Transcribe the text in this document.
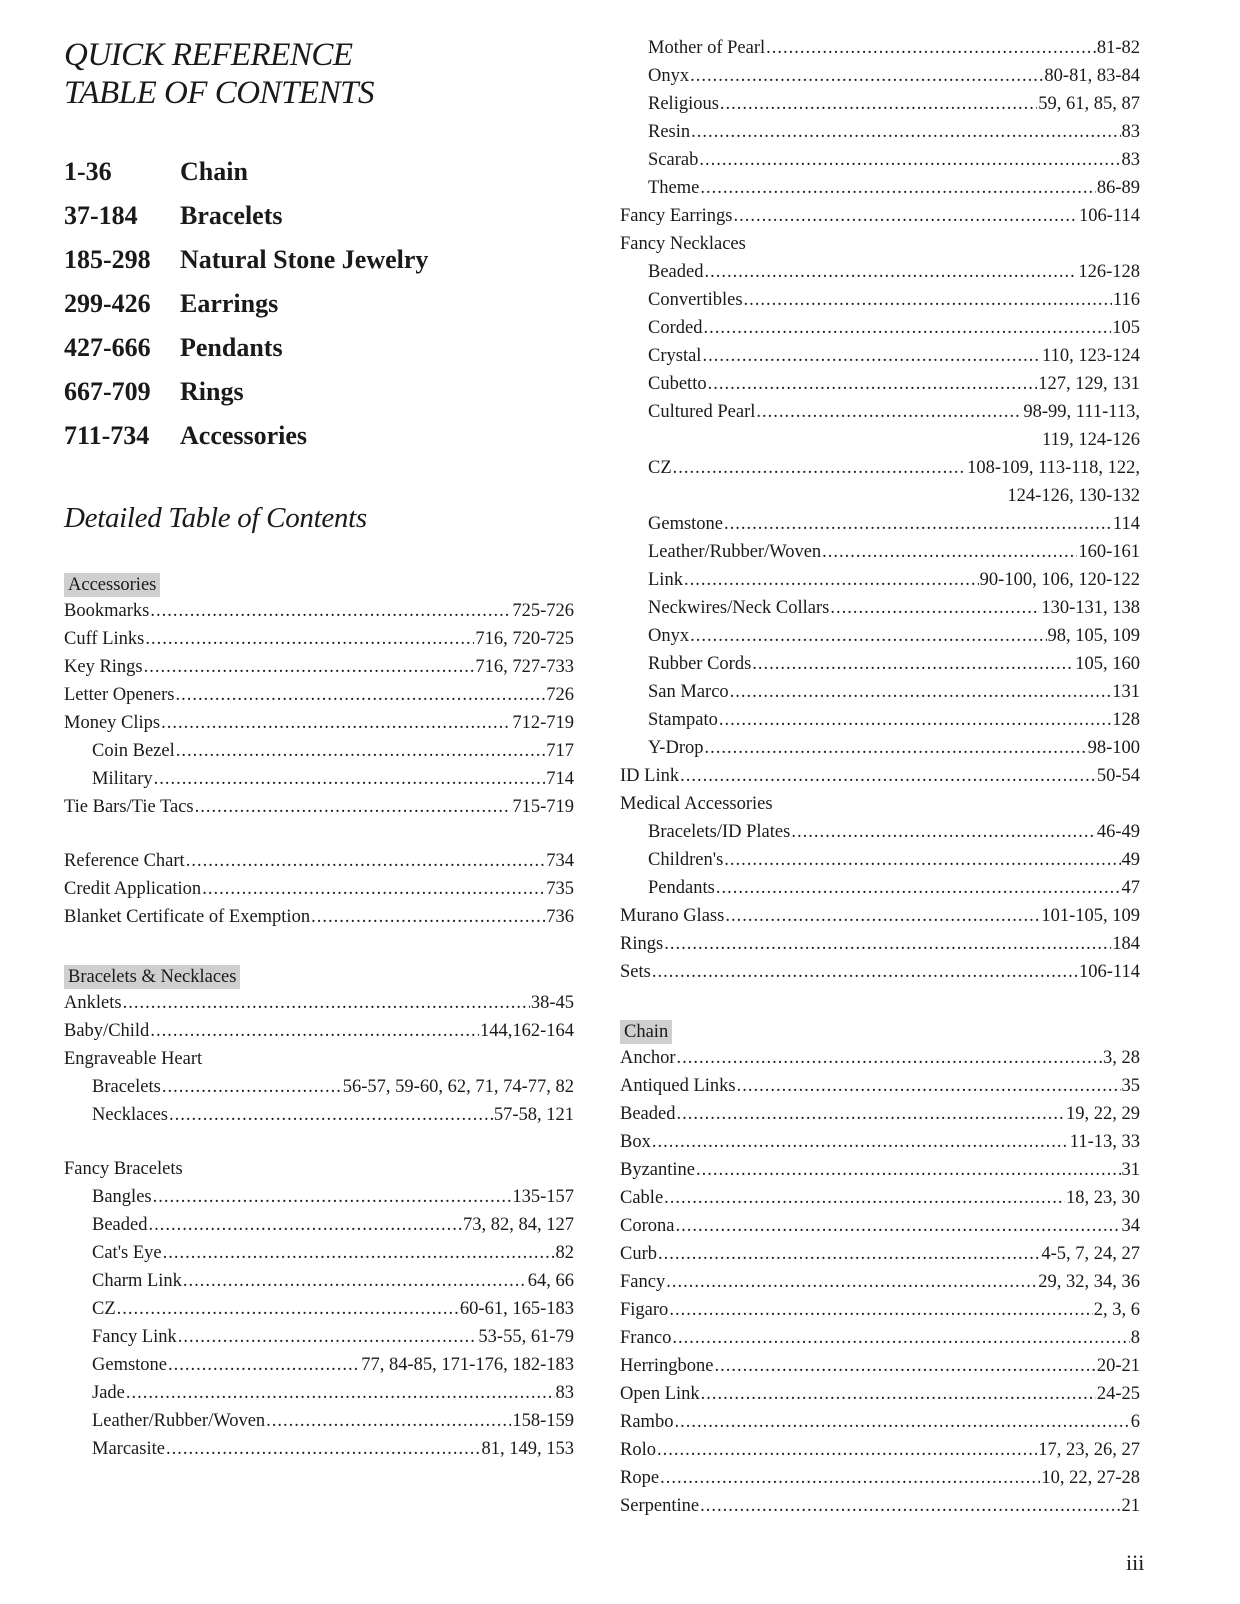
QUICK REFERENCE
TABLE OF CONTENTS
1-36	Chain
37-184	Bracelets
185-298	Natural Stone Jewelry
299-426	Earrings
427-666	Pendants
667-709	Rings
711-734	Accessories
Detailed Table of Contents
Accessories
Bookmarks .....	725-726
Cuff Links .....	716, 720-725
Key Rings .....	716, 727-733
Letter Openers .....	726
Money Clips .....	712-719
Coin Bezel .....	717
Military .....	714
Tie Bars/Tie Tacs .....	715-719
Reference Chart .....	734
Credit Application .....	735
Blanket Certificate of Exemption .....	736
Bracelets & Necklaces
Anklets .....	38-45
Baby/Child .....	144,162-164
Engraveable Heart
Bracelets .....	56-57, 59-60, 62, 71, 74-77, 82
Necklaces .....	57-58, 121
Fancy Bracelets
Bangles .....	135-157
Beaded .....	73, 82, 84, 127
Cat's Eye .....	82
Charm Link .....	64, 66
CZ .....	60-61, 165-183
Fancy Link .....	53-55, 61-79
Gemstone .....	77, 84-85, 171-176, 182-183
Jade .....	83
Leather/Rubber/Woven .....	158-159
Marcasite .....	81, 149, 153
Mother of Pearl .....	81-82
Onyx .....	80-81, 83-84
Religious .....	59, 61, 85, 87
Resin .....	83
Scarab .....	83
Theme .....	86-89
Fancy Earrings .....	106-114
Fancy Necklaces
Beaded .....	126-128
Convertibles .....	116
Corded .....	105
Crystal .....	110, 123-124
Cubetto .....	127, 129, 131
Cultured Pearl .....	98-99, 111-113,
119, 124-126
CZ .....	108-109, 113-118, 122,
124-126, 130-132
Gemstone .....	114
Leather/Rubber/Woven .....	160-161
Link .....	90-100, 106, 120-122
Neckwires/Neck Collars .....	130-131, 138
Onyx .....	98, 105, 109
Rubber Cords .....	105, 160
San Marco .....	131
Stampato .....	128
Y-Drop .....	98-100
ID Link .....	50-54
Medical Accessories
Bracelets/ID Plates .....	46-49
Children's .....	49
Pendants .....	47
Murano Glass .....	101-105, 109
Rings .....	184
Sets .....	106-114
Chain
Anchor .....	3, 28
Antiqued Links .....	35
Beaded .....	19, 22, 29
Box .....	11-13, 33
Byzantine .....	31
Cable .....	18, 23, 30
Corona .....	34
Curb .....	4-5, 7, 24, 27
Fancy .....	29, 32, 34, 36
Figaro .....	2, 3, 6
Franco .....	8
Herringbone .....	20-21
Open Link .....	24-25
Rambo .....	6
Rolo .....	17, 23, 26, 27
Rope .....	10, 22, 27-28
Serpentine .....	21
iii
